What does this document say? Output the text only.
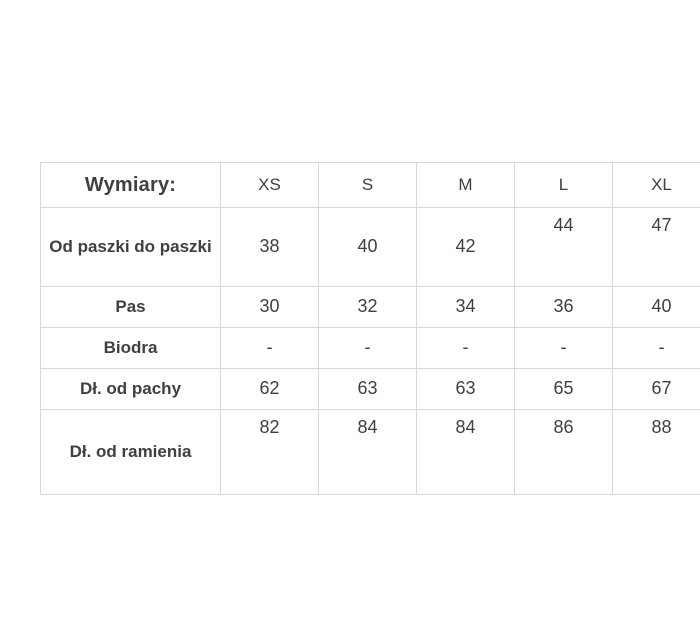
Wymiary:	XS	S	M	L	XL
Od paszki do paszki	38	40	42	44	47
Pas	30	32	34	36	40
Biodra	-	-	-	-	-
Dł. od pachy	62	63	63	65	67
Dł. od ramienia	82	84	84	86	88
